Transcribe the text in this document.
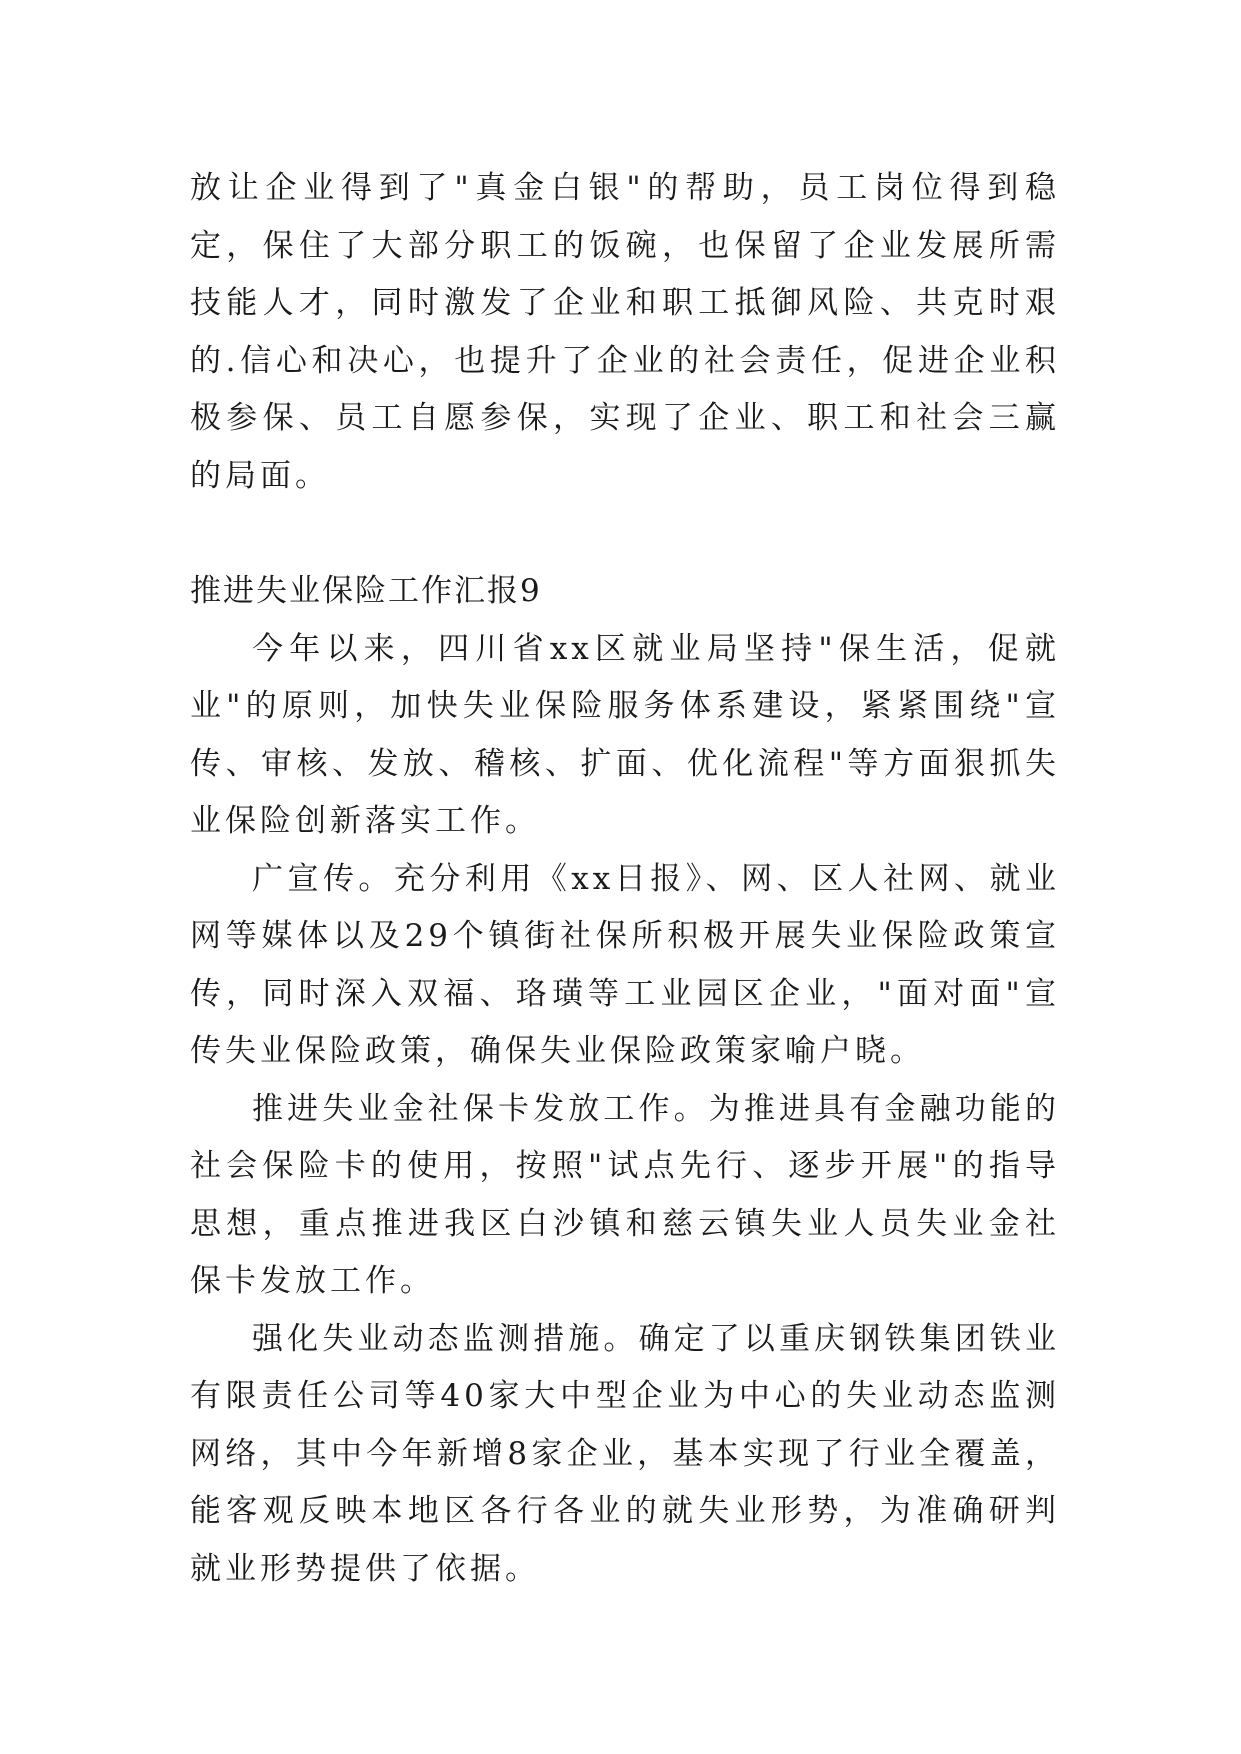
放让企业得到了"真金白银"的帮助，员工岗位得到稳定，保住了大部分职工的饭碗，也保留了企业发展所需技能人才，同时激发了企业和职工抵御风险、共克时艰的.信心和决心，也提升了企业的社会责任，促进企业积极参保、员工自愿参保，实现了企业、职工和社会三赢的局面。

推进失业保险工作汇报9

今年以来，四川省xx区就业局坚持"保生活，促就业"的原则，加快失业保险服务体系建设，紧紧围绕"宣传、审核、发放、稽核、扩面、优化流程"等方面狠抓失业保险创新落实工作。

广宣传。充分利用《xx日报》、网、区人社网、就业网等媒体以及29个镇街社保所积极开展失业保险政策宣传，同时深入双福、珞璜等工业园区企业，"面对面"宣传失业保险政策，确保失业保险政策家喻户晓。

推进失业金社保卡发放工作。为推进具有金融功能的社会保险卡的使用，按照"试点先行、逐步开展"的指导思想，重点推进我区白沙镇和慈云镇失业人员失业金社保卡发放工作。

强化失业动态监测措施。确定了以重庆钢铁集团铁业有限责任公司等40家大中型企业为中心的失业动态监测网络，其中今年新增8家企业，基本实现了行业全覆盖，能客观反映本地区各行各业的就失业形势，为准确研判就业形势提供了依据。
